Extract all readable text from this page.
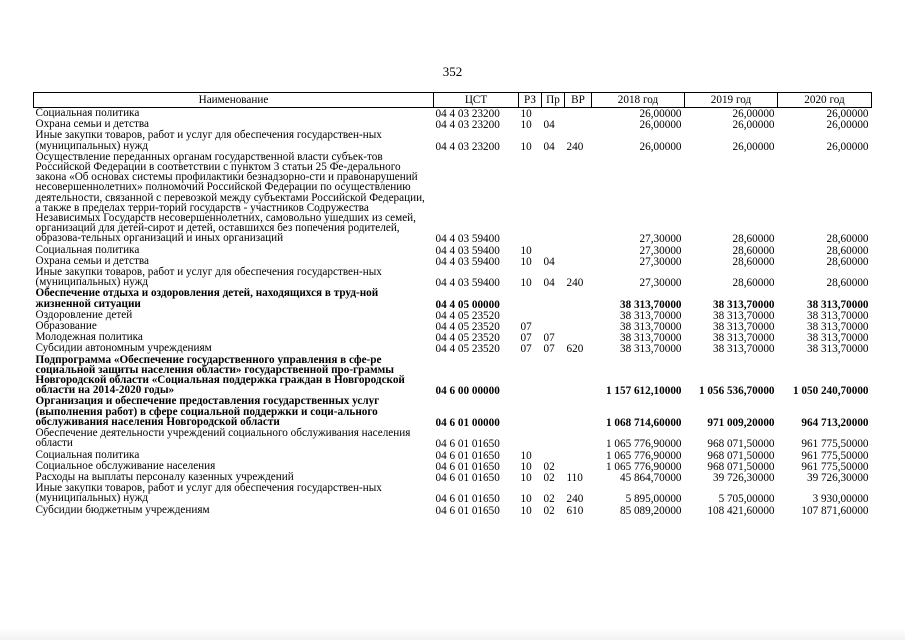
352
Наименование	ЦСТ	РЗ	Пр	ВР	2018 год	2019 год	2020 год
Социальная политика	04 4 03 23200	10			26,00000	26,00000	26,00000
Охрана семьи и детства	04 4 03 23200	10	04		26,00000	26,00000	26,00000
Иные закупки товаров, работ и услуг для обеспечения государствен-ных (муниципальных) нужд	04 4 03 23200	10	04	240	26,00000	26,00000	26,00000
Осуществление переданных органам государственной власти субъек-тов Российской Федерации в соответствии с пунктом 3 статьи 25 Фе-дерального закона «Об основах системы профилактики безнадзорно-сти и правонарушений несовершеннолетних» полномочий Российской Федерации по осуществлению деятельности, связанной с перевозкой между субъектами Российской Федерации, а также в пределах терри-торий государств - участников Содружества Независимых Государств несовершеннолетних, самовольно ушедших из семей, организаций для детей-сирот и детей, оставшихся без попечения родителей, образова-тельных организаций и иных организаций	04 4 03 59400				27,30000	28,60000	28,60000
Социальная политика	04 4 03 59400	10			27,30000	28,60000	28,60000
Охрана семьи и детства	04 4 03 59400	10	04		27,30000	28,60000	28,60000
Иные закупки товаров, работ и услуг для обеспечения государствен-ных (муниципальных) нужд	04 4 03 59400	10	04	240	27,30000	28,60000	28,60000
Обеспечение отдыха и оздоровления детей, находящихся в труд-ной жизненной ситуации	04 4 05 00000				38 313,70000	38 313,70000	38 313,70000
Оздоровление детей	04 4 05 23520				38 313,70000	38 313,70000	38 313,70000
Образование	04 4 05 23520	07			38 313,70000	38 313,70000	38 313,70000
Молодежная политика	04 4 05 23520	07	07		38 313,70000	38 313,70000	38 313,70000
Субсидии автономным учреждениям	04 4 05 23520	07	07	620	38 313,70000	38 313,70000	38 313,70000
Подпрограмма «Обеспечение государственного управления в сфе-ре социальной защиты населения области» государственной про-граммы Новгородской области «Социальная поддержка граждан в Новгородской области на 2014-2020 годы»	04 6 00 00000				1 157 612,10000	1 056 536,70000	1 050 240,70000
Организация и обеспечение предоставления государственных услуг (выполнения работ) в сфере социальной поддержки и соци-ального обслуживания населения Новгородской области	04 6 01 00000				1 068 714,60000	971 009,20000	964 713,20000
Обеспечение деятельности учреждений социального обслуживания населения области	04 6 01 01650				1 065 776,90000	968 071,50000	961 775,50000
Социальная политика	04 6 01 01650	10			1 065 776,90000	968 071,50000	961 775,50000
Социальное обслуживание населения	04 6 01 01650	10	02		1 065 776,90000	968 071,50000	961 775,50000
Расходы на выплаты персоналу казенных учреждений	04 6 01 01650	10	02	110	45 864,70000	39 726,30000	39 726,30000
Иные закупки товаров, работ и услуг для обеспечения государствен-ных (муниципальных) нужд	04 6 01 01650	10	02	240	5 895,00000	5 705,00000	3 930,00000
Субсидии бюджетным учреждениям	04 6 01 01650	10	02	610	85 089,20000	108 421,60000	107 871,60000
